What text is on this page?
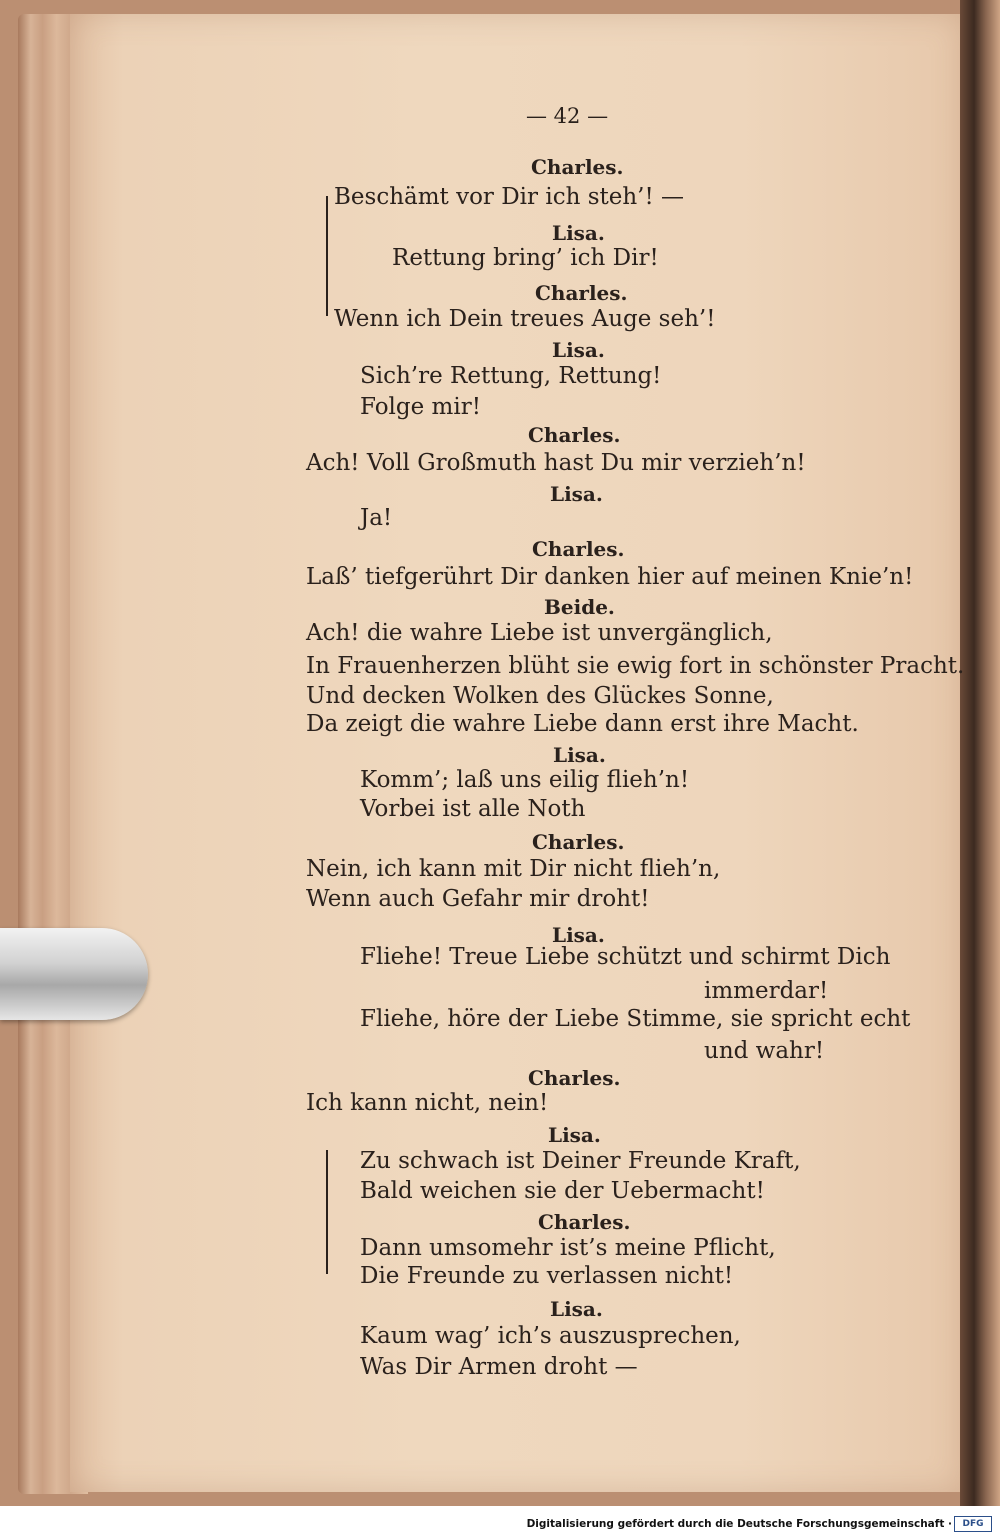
— 42 —
Charles.
Beschämt vor Dir ich steh’! —
Lisa.
Rettung bring’ ich Dir!
Charles.
Wenn ich Dein treues Auge seh’!
Lisa.
Sich’re Rettung, Rettung!
Folge mir!
Charles.
Ach! Voll Großmuth hast Du mir verzieh’n!
Lisa.
Ja!
Charles.
Laß’ tiefgerührt Dir danken hier auf meinen Knie’n!
Beide.
Ach! die wahre Liebe ist unvergänglich,
In Frauenherzen blüht sie ewig fort in schönster Pracht.
Und decken Wolken des Glückes Sonne,
Da zeigt die wahre Liebe dann erst ihre Macht.
Lisa.
Komm’; laß uns eilig flieh’n!
Vorbei ist alle Noth
Charles.
Nein, ich kann mit Dir nicht flieh’n,
Wenn auch Gefahr mir droht!
Lisa.
Fliehe! Treue Liebe schützt und schirmt Dich
immerdar!
Fliehe, höre der Liebe Stimme, sie spricht echt
und wahr!
Charles.
Ich kann nicht, nein!
Lisa.
Zu schwach ist Deiner Freunde Kraft,
Bald weichen sie der Uebermacht!
Charles.
Dann umsomehr ist’s meine Pflicht,
Die Freunde zu verlassen nicht!
Lisa.
Kaum wag’ ich’s auszusprechen,
Was Dir Armen droht —
Digitalisierung gefördert durch die Deutsche Forschungsgemeinschaft ·	DFG
